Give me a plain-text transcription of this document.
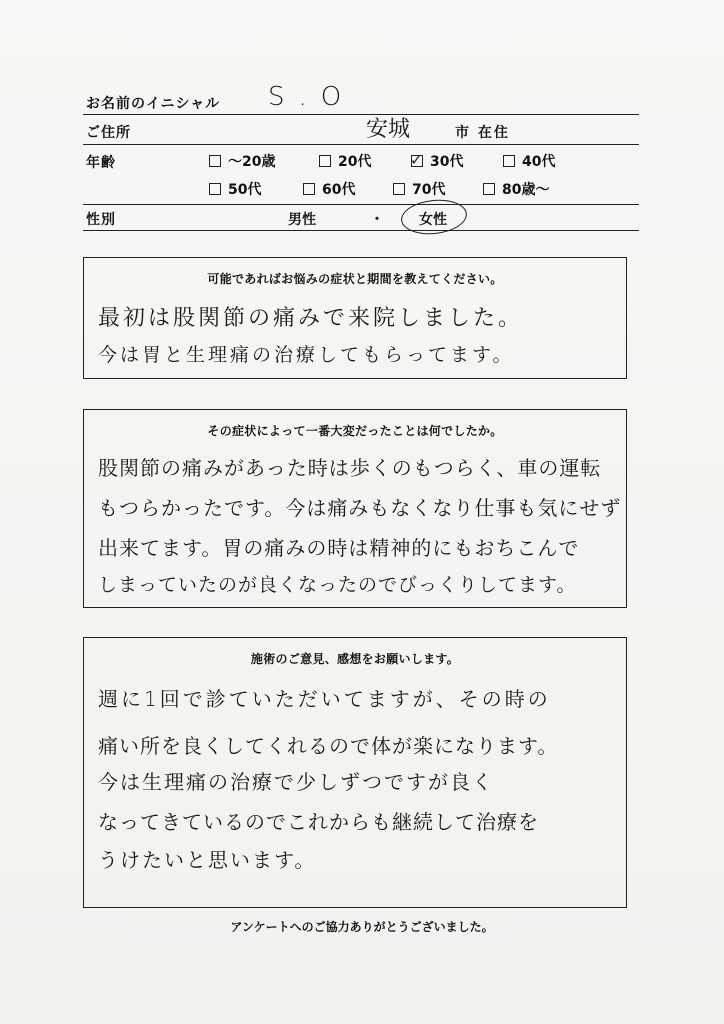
お名前のイニシャル S.O
ご住所	安城	市 在住
年齢	～20歳	20代	✓ 30代	40代
50代	60代	70代	80歳～
性別	男性	・	女性
可能であればお悩みの症状と期間を教えてください。
最初は股関節の痛みで来院しました。
今は胃と生理痛の治療してもらってます。
その症状によって一番大変だったことは何でしたか。
股関節の痛みがあった時は歩くのもつらく、車の運転
もつらかったです。今は痛みもなくなり仕事も気にせず
出来てます。胃の痛みの時は精神的にもおちこんで
しまっていたのが良くなったのでびっくりしてます。
施術のご意見、感想をお願いします。
週に1回で診ていただいてますが、その時の
痛い所を良くしてくれるので体が楽になります。
今は生理痛の治療で少しずつですが良く
なってきているのでこれからも継続して治療を
うけたいと思います。
アンケートへのご協力ありがとうございました。
